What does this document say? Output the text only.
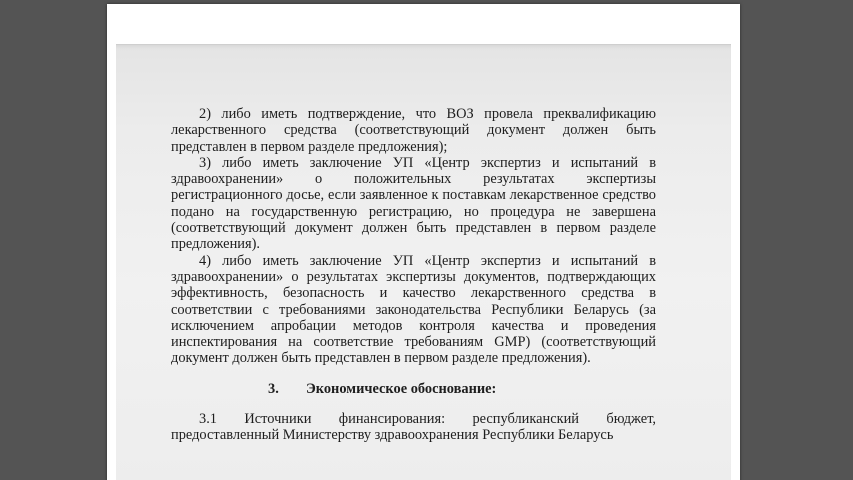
2) либо иметь подтверждение, что ВОЗ провела преквалификацию лекарственного средства (соответствующий документ должен быть представлен в первом разделе предложения);

3) либо иметь заключение УП «Центр экспертиз и испытаний в здравоохранении» о положительных результатах экспертизы регистрационного досье, если заявленное к поставкам лекарственное средство подано на государственную регистрацию, но процедура не завершена (соответствующий документ должен быть представлен в первом разделе предложения).

4) либо иметь заключение УП «Центр экспертиз и испытаний в здравоохранении» о результатах экспертизы документов, подтверждающих эффективность, безопасность и качество лекарственного средства в соответствии с требованиями законодательства Республики Беларусь (за исключением апробации методов контроля качества и проведения инспектирования на соответствие требованиям GMP) (соответствующий документ должен быть представлен в первом разделе предложения).

3. Экономическое обоснование:

3.1 Источники финансирования: республиканский бюджет, предоставленный Министерству здравоохранения Республики Беларусь
